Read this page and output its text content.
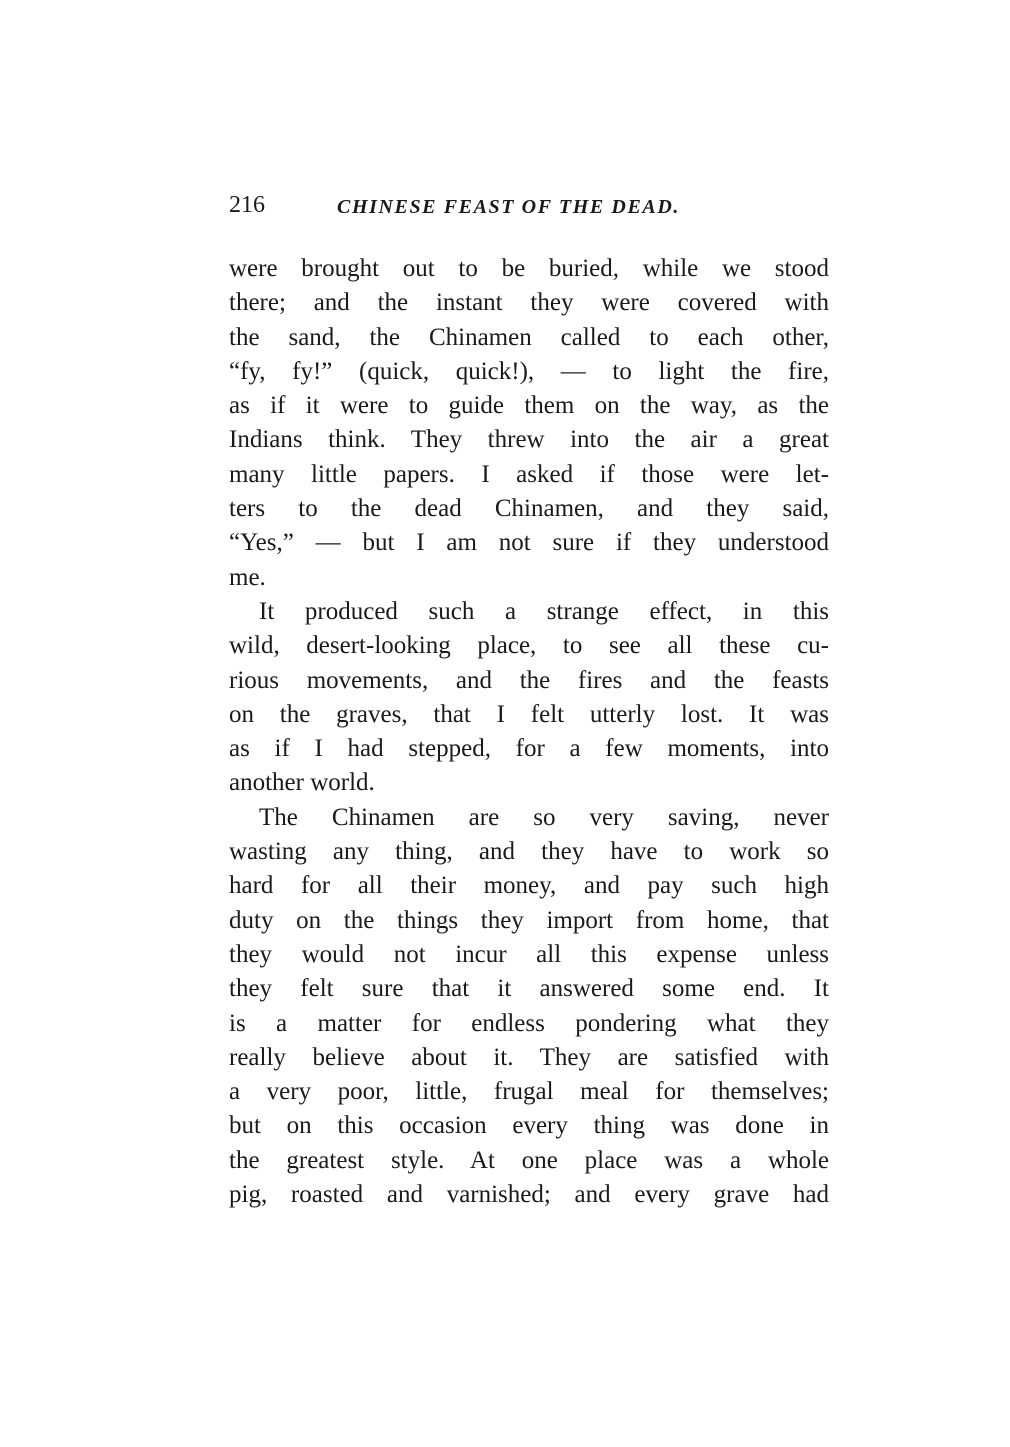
216	CHINESE FEAST OF THE DEAD.
were brought out to be buried, while we stood
there; and the instant they were covered with
the sand, the Chinamen called to each other,
“fy, fy!” (quick, quick!), — to light the fire,
as if it were to guide them on the way, as the
Indians think. They threw into the air a great
many little papers. I asked if those were let-
ters to the dead Chinamen, and they said,
“Yes,” — but I am not sure if they understood
me.
It produced such a strange effect, in this
wild, desert-looking place, to see all these cu-
rious movements, and the fires and the feasts
on the graves, that I felt utterly lost. It was
as if I had stepped, for a few moments, into
another world.
The Chinamen are so very saving, never
wasting any thing, and they have to work so
hard for all their money, and pay such high
duty on the things they import from home, that
they would not incur all this expense unless
they felt sure that it answered some end. It
is a matter for endless pondering what they
really believe about it. They are satisfied with
a very poor, little, frugal meal for themselves;
but on this occasion every thing was done in
the greatest style. At one place was a whole
pig, roasted and varnished; and every grave had
